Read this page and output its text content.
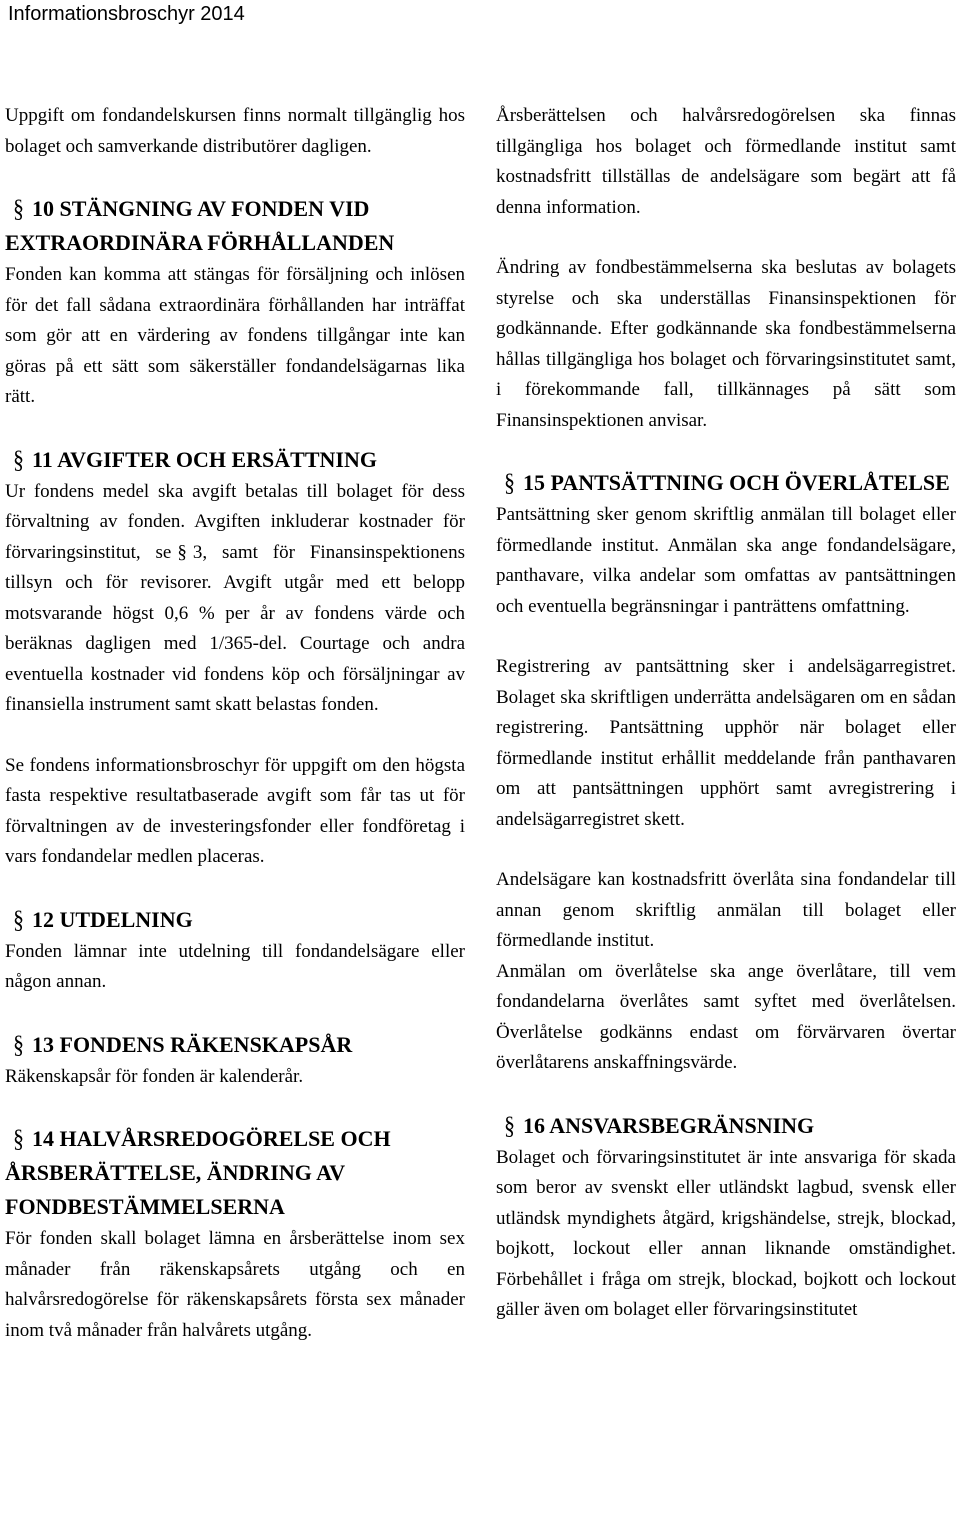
Informationsbroschyr 2014

Uppgift om fondandelskursen finns normalt tillgänglig hos bolaget och samverkande distributörer dagligen.

§ 10 STÄNGNING AV FONDEN VID EXTRAORDINÄRA FÖRHÅLLANDEN

Fonden kan komma att stängas för försäljning och inlösen för det fall sådana extraordinära förhållanden har inträffat som gör att en värdering av fondens tillgångar inte kan göras på ett sätt som säkerställer fondandelsägarnas lika rätt.

§ 11 AVGIFTER OCH ERSÄTTNING

Ur fondens medel ska avgift betalas till bolaget för dess förvaltning av fonden. Avgiften inkluderar kostnader för förvaringsinstitut, se § 3, samt för Finansinspektionens tillsyn och för revisorer. Avgift utgår med ett belopp motsvarande högst 0,6 % per år av fondens värde och beräknas dagligen med 1/365-del. Courtage och andra eventuella kostnader vid fondens köp och försäljningar av finansiella instrument samt skatt belastas fonden.

Se fondens informationsbroschyr för uppgift om den högsta fasta respektive resultatbaserade avgift som får tas ut för förvaltningen av de investeringsfonder eller fondföretag i vars fondandelar medlen placeras.

§ 12 UTDELNING

Fonden lämnar inte utdelning till fondandelsägare eller någon annan.

§ 13 FONDENS RÄKENSKAPSÅR

Räkenskapsår för fonden är kalenderår.

§ 14 HALVÅRSREDOGÖRELSE OCH ÅRSBERÄTTELSE, ÄNDRING AV FONDBESTÄMMELSERNA

För fonden skall bolaget lämna en årsberättelse inom sex månader från räkenskapsårets utgång och en halvårsredogörelse för räkenskapsårets första sex månader inom två månader från halvårets utgång.

Årsberättelsen och halvårsredogörelsen ska finnas tillgängliga hos bolaget och förmedlande institut samt kostnadsfritt tillställas de andelsägare som begärt att få denna information.

Ändring av fondbestämmelserna ska beslutas av bolagets styrelse och ska underställas Finansinspektionen för godkännande. Efter godkännande ska fondbestämmelserna hållas tillgängliga hos bolaget och förvaringsinstitutet samt, i förekommande fall, tillkännages på sätt som Finansinspektionen anvisar.

§ 15 PANTSÄTTNING OCH ÖVERLÅTELSE

Pantsättning sker genom skriftlig anmälan till bolaget eller förmedlande institut. Anmälan ska ange fondandelsägare, panthavare, vilka andelar som omfattas av pantsättningen och eventuella begränsningar i panträttens omfattning.

Registrering av pantsättning sker i andelsägarregistret. Bolaget ska skriftligen underrätta andelsägaren om en sådan registrering. Pantsättning upphör när bolaget eller förmedlande institut erhållit meddelande från panthavaren om att pantsättningen upphört samt avregistrering i andelsägarregistret skett.

Andelsägare kan kostnadsfritt överlåta sina fondandelar till annan genom skriftlig anmälan till bolaget eller förmedlande institut.

Anmälan om överlåtelse ska ange överlåtare, till vem fondandelarna överlåtes samt syftet med överlåtelsen. Överlåtelse godkänns endast om förvärvaren övertar överlåtarens anskaffningsvärde.

§ 16 ANSVARSBEGRÄNSNING

Bolaget och förvaringsinstitutet är inte ansvariga för skada som beror av svenskt eller utländskt lagbud, svensk eller utländsk myndighets åtgärd, krigshändelse, strejk, blockad, bojkott, lockout eller annan liknande omständighet. Förbehållet i fråga om strejk, blockad, bojkott och lockout gäller även om bolaget eller förvaringsinstitutet
